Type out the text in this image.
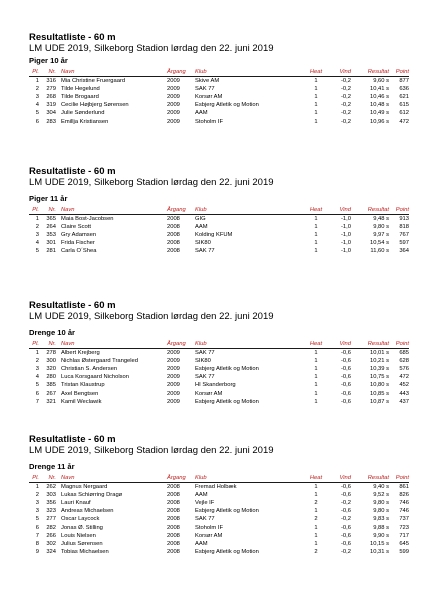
Resultatliste - 60 m
LM UDE 2019, Silkeborg Stadion lørdag den 22. juni 2019
Piger 10 år
Pl.	Nr. Navn	Årgang Klub	Heat	Vind	Resultat	Point
1	316 Mia Christine Fruergaard	2009	Skive AM	1	-0,2	9,60 s	877
2	279 Tilde Hegelund	2009	SAK 77	1	-0,2	10,41 s	636
3	268 Tilde Brogaard	2009	Korsør AM	1	-0,2	10,46 s	621
4	319 Cecilie Højbjerg Sørensen	2009	Esbjerg Atletik og Motion	1	-0,2	10,48 s	615
5	304 Julie Sønderlund	2009	AAM	1	-0,2	10,49 s	612
6	283 Emillja Kristiansen	2009	Stoholm IF	1	-0,2	10,96 s	472
Resultatliste - 60 m
LM UDE 2019, Silkeborg Stadion lørdag den 22. juni 2019
Piger 11 år
Pl.	Nr. Navn	Årgang Klub	Heat	Vind	Resultat	Point
1	365 Maia Bost-Jacobsen	2008	GIG	1	-1,0	9,48 s	913
2	264 Claire Scott	2008	AAM	1	-1,0	9,80 s	818
3	353 Gry Adamsen	2008	Kolding KFUM	1	-1,0	9,97 s	767
4	301 Frida Fischer	2008	SIK80	1	-1,0	10,54 s	597
5	281 Carla O´Shea	2008	SAK 77	1	-1,0	11,60 s	364
Resultatliste - 60 m
LM UDE 2019, Silkeborg Stadion lørdag den 22. juni 2019
Drenge 10 år
Pl.	Nr. Navn	Årgang Klub	Heat	Vind	Resultat	Point
1	278 Albert Krejberg	2009	SAK 77	1	-0,6	10,01 s	685
2	300 Nichlas Østergaard Trangeled	2009	SIK80	1	-0,6	10,21 s	628
3	320 Christian S. Andersen	2009	Esbjerg Atletik og Motion	1	-0,6	10,39 s	576
4	280 Luca Korsgaard Nicholson	2009	SAK 77	1	-0,6	10,75 s	472
5	385 Tristan Klaustrup	2009	HI Skanderborg	1	-0,6	10,80 s	452
6	267 Axel Bengtsen	2009	Korsør AM	1	-0,6	10,85 s	443
7	321 Kamil Weclawik	2009	Esbjerg Atletik og Motion	1	-0,6	10,87 s	437
Resultatliste - 60 m
LM UDE 2019, Silkeborg Stadion lørdag den 22. juni 2019
Drenge 11 år
Pl.	Nr. Navn	Årgang Klub	Heat	Vind	Resultat	Point
1	262 Magnus Nergaard	2008	Fremad Holbæk	1	-0,6	9,40 s	861
2	303 Lukas Schiørring Dragø	2008	AAM	1	-0,6	9,52 s	826
3	356 Lauri Knauf	2008	Vejle IF	2	-0,2	9,80 s	746
3	323 Andreas Michaelsen	2008	Esbjerg Atletik og Motion	1	-0,6	9,80 s	746
5	277 Oscar Laycock	2008	SAK 77	2	-0,2	9,83 s	737
6	282 Jonas Ø. Stilling	2008	Stoholm IF	1	-0,6	9,88 s	723
7	266 Louis Nielsen	2008	Korsør AM	1	-0,6	9,90 s	717
8	302 Julius Sørensen	2008	AAM	1	-0,6	10,15 s	645
9	324 Tobias Michaelsen	2008	Esbjerg Atletik og Motion	2	-0,2	10,31 s	599
